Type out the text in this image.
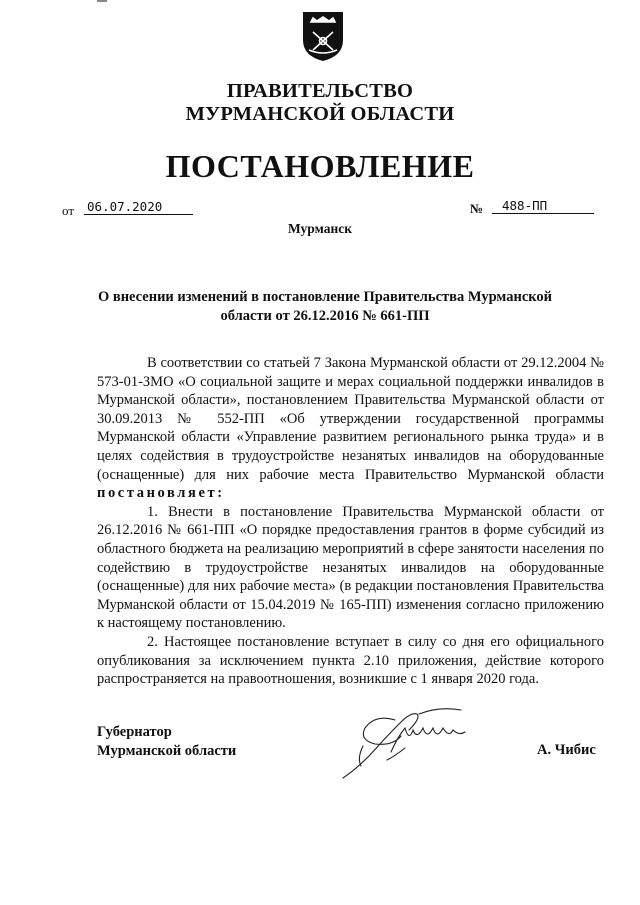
ПРАВИТЕЛЬСТВО
МУРМАНСКОЙ ОБЛАСТИ
ПОСТАНОВЛЕНИЕ
от 06.07.2020	№	488-ПП
Мурманск
О внесении изменений в постановление Правительства Мурманской
области от 26.12.2016 № 661-ПП

В соответствии со статьей 7 Закона Мурманской области от 29.12.2004 № 573-01-ЗМО «О социальной защите и мерах социальной поддержки инвалидов в Мурманской области», постановлением Правительства Мурманской области от 30.09.2013 № 552-ПП «Об утверждении государственной программы Мурманской области «Управление развитием регионального рынка труда» и в целях содействия в трудоустройстве незанятых инвалидов на оборудованные (оснащенные) для них рабочие места Правительство Мурманской области постановляет:

1. Внести в постановление Правительства Мурманской области от 26.12.2016 № 661-ПП «О порядке предоставления грантов в форме субсидий из областного бюджета на реализацию мероприятий в сфере занятости населения по содействию в трудоустройстве незанятых инвалидов на оборудованные (оснащенные) для них рабочие места» (в редакции постановления Правительства Мурманской области от 15.04.2019 № 165-ПП) изменения согласно приложению к настоящему постановлению.

2. Настоящее постановление вступает в силу со дня его официального опубликования за исключением пункта 2.10 приложения, действие которого распространяется на правоотношения, возникшие с 1 января 2020 года.

Губернатор
Мурманской области	А. Чибис
